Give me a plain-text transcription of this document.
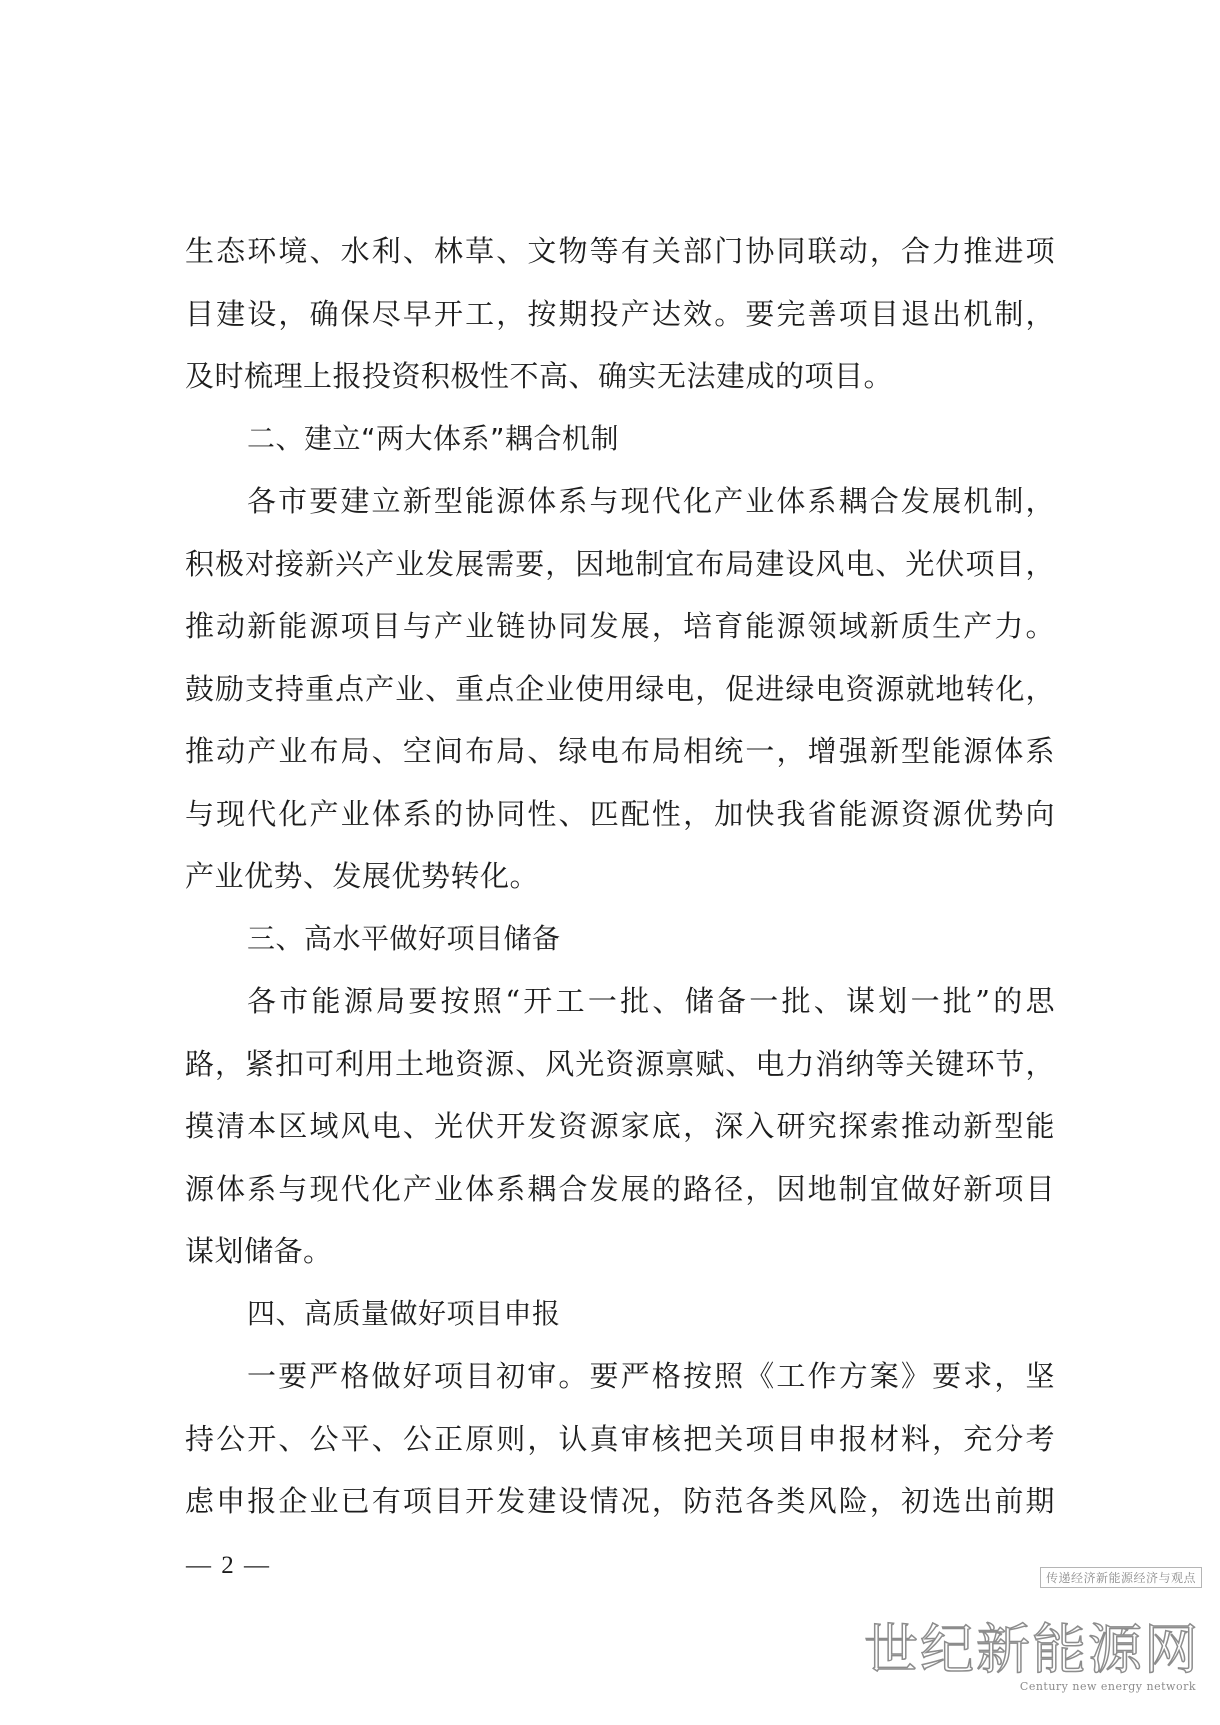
生态环境、水利、林草、文物等有关部门协同联动，合力推进项
目建设，确保尽早开工，按期投产达效。要完善项目退出机制，
及时梳理上报投资积极性不高、确实无法建成的项目。
二、建立“两大体系”耦合机制
各市要建立新型能源体系与现代化产业体系耦合发展机制，
积极对接新兴产业发展需要，因地制宜布局建设风电、光伏项目，
推动新能源项目与产业链协同发展，培育能源领域新质生产力。
鼓励支持重点产业、重点企业使用绿电，促进绿电资源就地转化，
推动产业布局、空间布局、绿电布局相统一，增强新型能源体系
与现代化产业体系的协同性、匹配性，加快我省能源资源优势向
产业优势、发展优势转化。
三、高水平做好项目储备
各市能源局要按照“开工一批、储备一批、谋划一批”的思
路，紧扣可利用土地资源、风光资源禀赋、电力消纳等关键环节，
摸清本区域风电、光伏开发资源家底，深入研究探索推动新型能
源体系与现代化产业体系耦合发展的路径，因地制宜做好新项目
谋划储备。
四、高质量做好项目申报
一要严格做好项目初审。要严格按照《工作方案》要求，坚
持公开、公平、公正原则，认真审核把关项目申报材料，充分考
虑申报企业已有项目开发建设情况，防范各类风险，初选出前期
— 2 —	传递经济新能源经济与观点
世纪新能源网
Century new energy network
